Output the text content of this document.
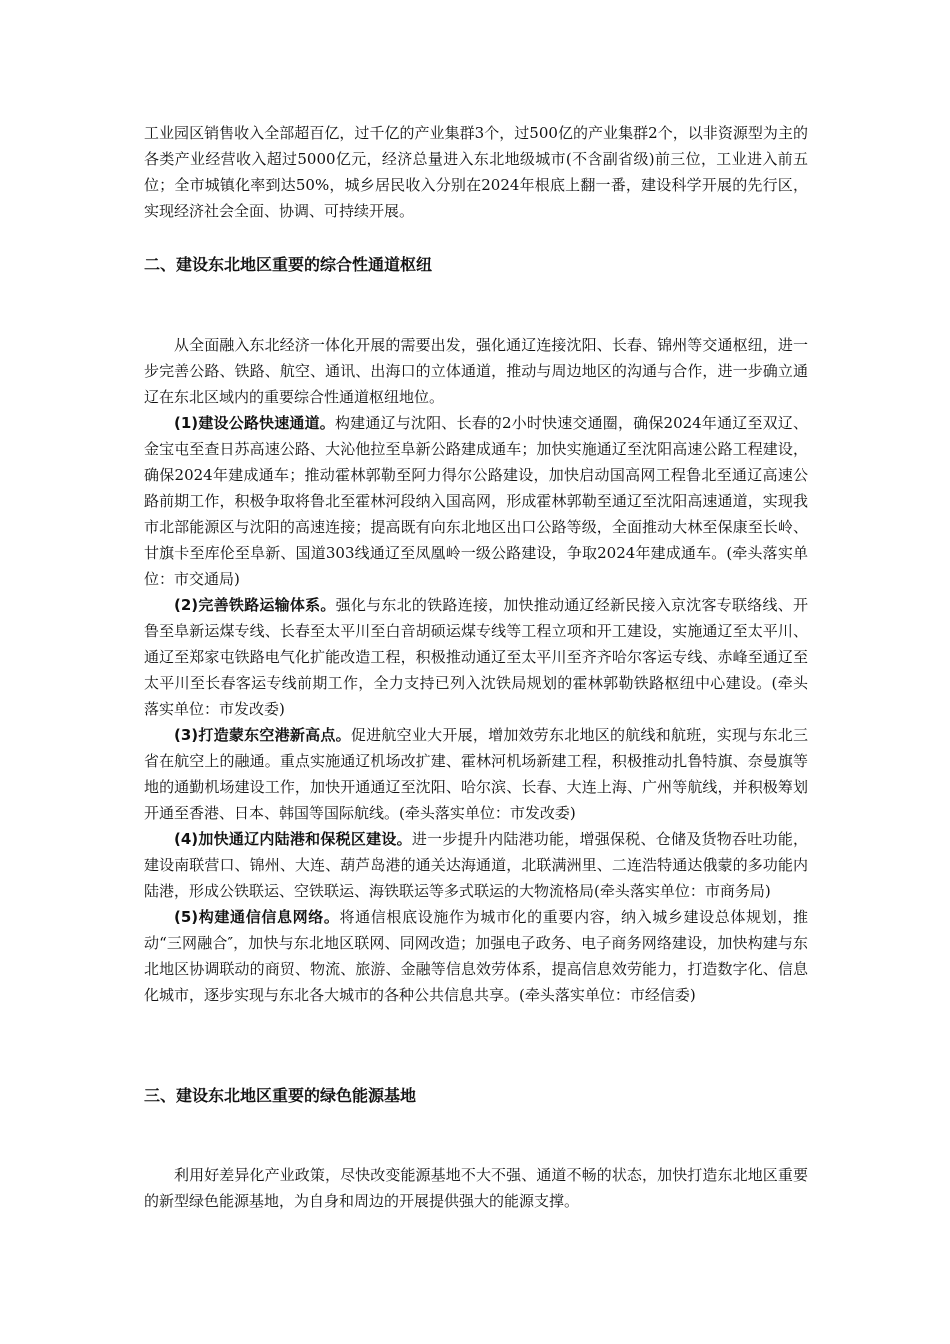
工业园区销售收入全部超百亿，过千亿的产业集群3个，过500亿的产业集群2个，以非资源型为主的各类产业经营收入超过5000亿元，经济总量进入东北地级城市(不含副省级)前三位，工业进入前五位；全市城镇化率到达50%，城乡居民收入分别在2024年根底上翻一番，建设科学开展的先行区，实现经济社会全面、协调、可持续开展。

二、建设东北地区重要的综合性通道枢纽

从全面融入东北经济一体化开展的需要出发，强化通辽连接沈阳、长春、锦州等交通枢纽，进一步完善公路、铁路、航空、通讯、出海口的立体通道，推动与周边地区的沟通与合作，进一步确立通辽在东北区域内的重要综合性通道枢纽地位。

(1)建设公路快速通道。构建通辽与沈阳、长春的2小时快速交通圈，确保2024年通辽至双辽、金宝屯至查日苏高速公路、大沁他拉至阜新公路建成通车；加快实施通辽至沈阳高速公路工程建设，确保2024年建成通车；推动霍林郭勒至阿力得尔公路建设，加快启动国高网工程鲁北至通辽高速公路前期工作，积极争取将鲁北至霍林河段纳入国高网，形成霍林郭勒至通辽至沈阳高速通道，实现我市北部能源区与沈阳的高速连接；提高既有向东北地区出口公路等级，全面推动大林至保康至长岭、甘旗卡至库伦至阜新、国道303线通辽至凤凰岭一级公路建设，争取2024年建成通车。(牵头落实单位：市交通局)

(2)完善铁路运输体系。强化与东北的铁路连接，加快推动通辽经新民接入京沈客专联络线、开鲁至阜新运煤专线、长春至太平川至白音胡硕运煤专线等工程立项和开工建设，实施通辽至太平川、通辽至郑家屯铁路电气化扩能改造工程，积极推动通辽至太平川至齐齐哈尔客运专线、赤峰至通辽至太平川至长春客运专线前期工作，全力支持已列入沈铁局规划的霍林郭勒铁路枢纽中心建设。(牵头落实单位：市发改委)

(3)打造蒙东空港新高点。促进航空业大开展，增加效劳东北地区的航线和航班，实现与东北三省在航空上的融通。重点实施通辽机场改扩建、霍林河机场新建工程，积极推动扎鲁特旗、奈曼旗等地的通勤机场建设工作，加快开通通辽至沈阳、哈尔滨、长春、大连上海、广州等航线，并积极筹划开通至香港、日本、韩国等国际航线。(牵头落实单位：市发改委)

(4)加快通辽内陆港和保税区建设。进一步提升内陆港功能，增强保税、仓储及货物吞吐功能，建设南联营口、锦州、大连、葫芦岛港的通关达海通道，北联满洲里、二连浩特通达俄蒙的多功能内陆港，形成公铁联运、空铁联运、海铁联运等多式联运的大物流格局(牵头落实单位：市商务局)

(5)构建通信信息网络。将通信根底设施作为城市化的重要内容，纳入城乡建设总体规划，推动“三网融合″，加快与东北地区联网、同网改造；加强电子政务、电子商务网络建设，加快构建与东北地区协调联动的商贸、物流、旅游、金融等信息效劳体系，提高信息效劳能力，打造数字化、信息化城市，逐步实现与东北各大城市的各种公共信息共享。(牵头落实单位：市经信委)

三、建设东北地区重要的绿色能源基地

利用好差异化产业政策，尽快改变能源基地不大不强、通道不畅的状态，加快打造东北地区重要的新型绿色能源基地，为自身和周边的开展提供强大的能源支撑。
